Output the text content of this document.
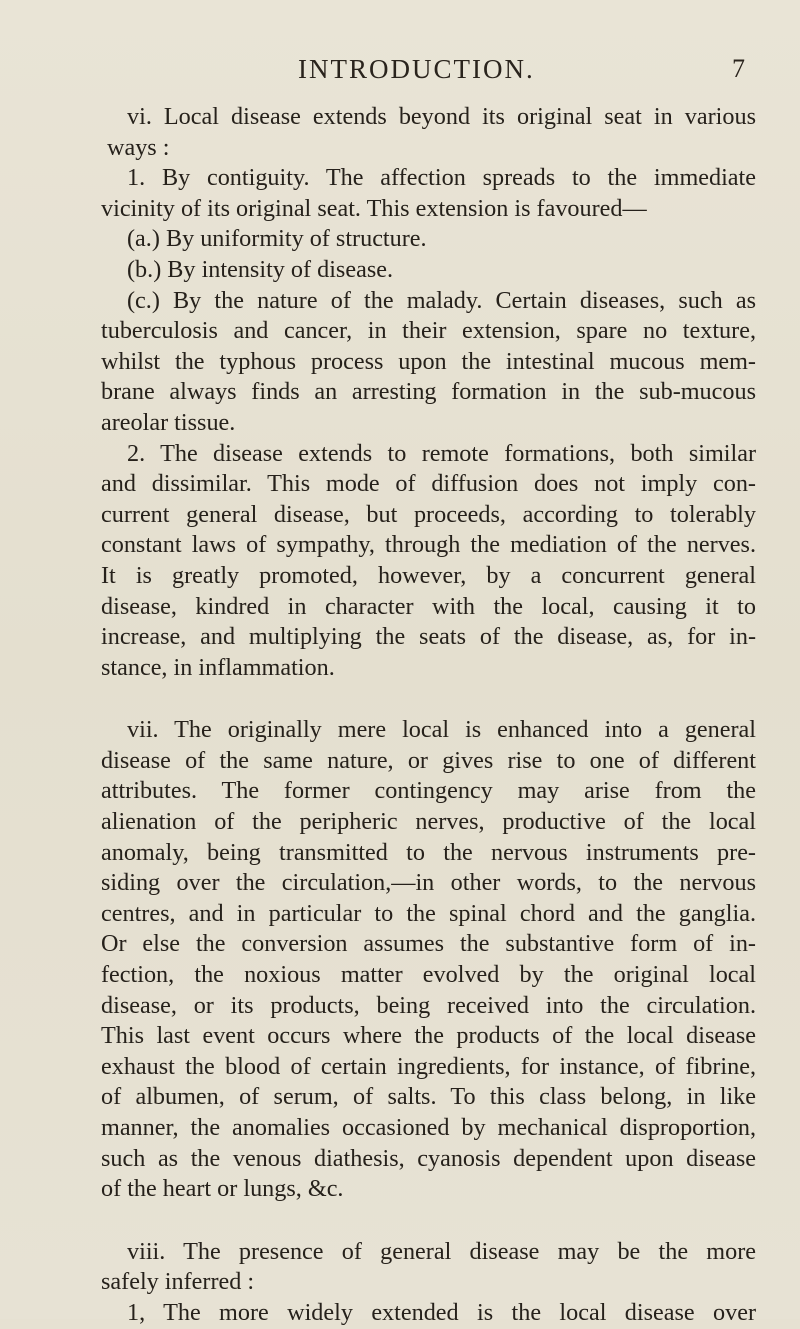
INTRODUCTION.	7
vi. Local disease extends beyond its original seat in various
ways :
1. By contiguity. The affection spreads to the immediate
vicinity of its original seat. This extension is favoured—
(a.) By uniformity of structure.
(b.) By intensity of disease.
(c.) By the nature of the malady. Certain diseases, such as
tuberculosis and cancer, in their extension, spare no texture,
whilst the typhous process upon the intestinal mucous mem-
brane always finds an arresting formation in the sub-mucous
areolar tissue.
2. The disease extends to remote formations, both similar
and dissimilar. This mode of diffusion does not imply con-
current general disease, but proceeds, according to tolerably
constant laws of sympathy, through the mediation of the nerves.
It is greatly promoted, however, by a concurrent general
disease, kindred in character with the local, causing it to
increase, and multiplying the seats of the disease, as, for in-
stance, in inflammation.
vii. The originally mere local is enhanced into a general
disease of the same nature, or gives rise to one of different
attributes. The former contingency may arise from the
alienation of the peripheric nerves, productive of the local
anomaly, being transmitted to the nervous instruments pre-
siding over the circulation,—in other words, to the nervous
centres, and in particular to the spinal chord and the ganglia.
Or else the conversion assumes the substantive form of in-
fection, the noxious matter evolved by the original local
disease, or its products, being received into the circulation.
This last event occurs where the products of the local disease
exhaust the blood of certain ingredients, for instance, of fibrine,
of albumen, of serum, of salts. To this class belong, in like
manner, the anomalies occasioned by mechanical disproportion,
such as the venous diathesis, cyanosis dependent upon disease
of the heart or lungs, &c.
viii. The presence of general disease may be the more
safely inferred :
1, The more widely extended is the local disease over
